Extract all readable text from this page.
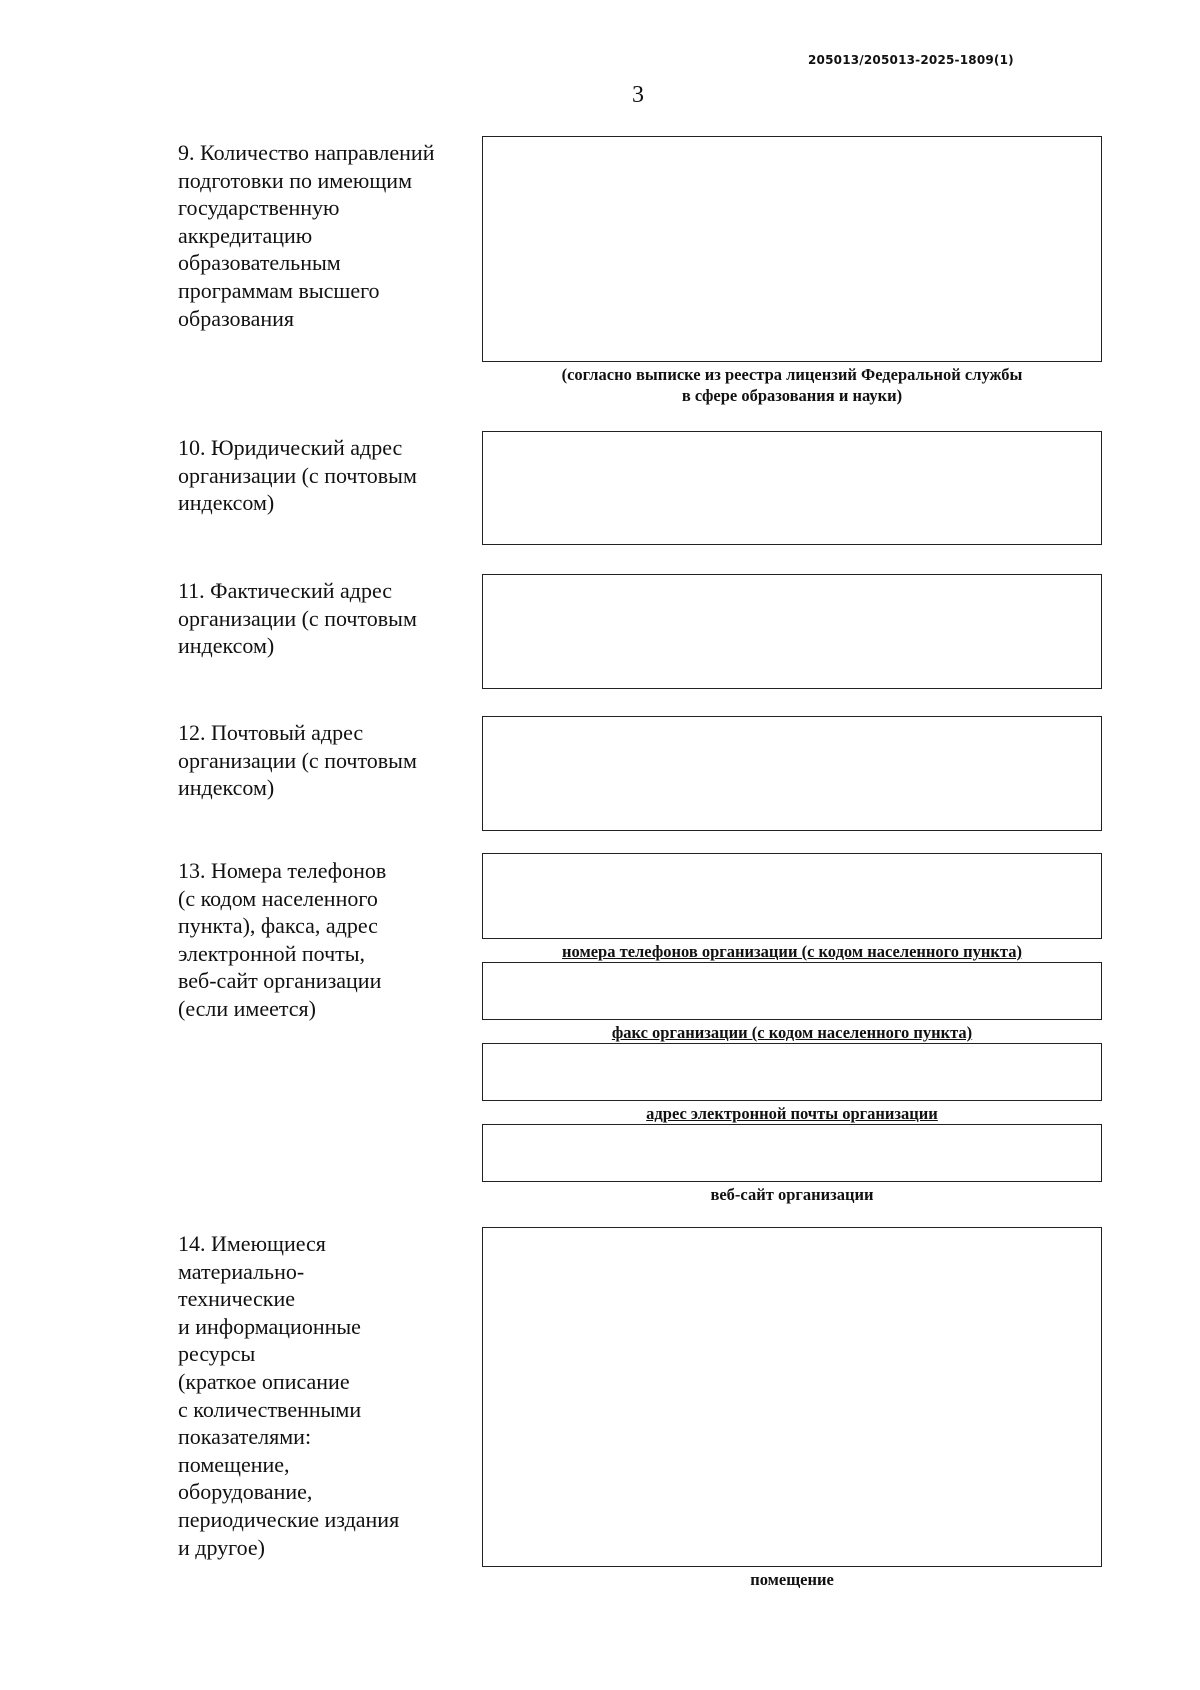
205013/205013-2025-1809(1)
3
9. Количество направлений
подготовки по имеющим
государственную
аккредитацию
образовательным
программам высшего
образования
(согласно выписке из реестра лицензий Федеральной службы
в сфере образования и науки)
10. Юридический адрес
организации (с почтовым
индексом)
11. Фактический адрес
организации (с почтовым
индексом)
12. Почтовый адрес
организации (с почтовым
индексом)
13. Номера телефонов
(с кодом населенного
пункта), факса, адрес
электронной почты,
веб-сайт организации
(если имеется)
номера телефонов организации (с кодом населенного пункта)
факс организации (с кодом населенного пункта)
адрес электронной почты организации
веб-сайт организации
14. Имеющиеся
материально-
технические
и информационные
ресурсы
(краткое описание
с количественными
показателями:
помещение,
оборудование,
периодические издания
и другое)
помещение
